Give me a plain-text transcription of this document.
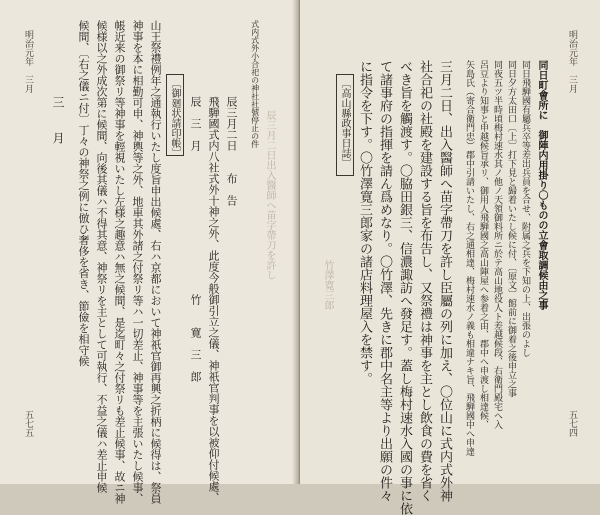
明治元年　三月
五七五
三　月 候間、〔右之儀ニ付〕丁々の神祭之例に倣ひ奢侈を省き、節儉を相守候 候様以之外成次第に候間、向後其儀ハ不得其意、神祭リを主として可執行、不益之儀ハ差止申候 帳近来の御祭リ等神事を輕視いたし左様之趣意ハ無之候間、是迄町々之付祭リも差止候事、故ニ神 神事を本に相勤可申、神輿等之外、地車其外諸之付祭リ等ハ一切差止、神事等を主張いたし候事、 山王祭禮例年之通執行いたし度旨申出候處、右ハ京都において神祇官御再興之折柄に候得は、祭員 〔御廻状請印帳〕 辰　三　月　　　　　　　　　　　　　竹　　寛　三　郎 飛騨國式内八社式外十神之外、此度今般御引立之儀、神祇官判事を以被仰付候處、 辰三月二日　　布　告
式内式外小合祀の神社社號停止の件
辰三月二日出入醫師へ苗字帶刀を許し
竹澤寛三郎
〔高山縣政事日誌〕 に指令を下す。〇竹澤寛三郎家の諸店料理屋入を禁す。 て諸事府の指揮を請ん爲めなり。〇竹澤、先きに郡中名主等より出願の件々 べき旨を觸渡す。〇脇田銀三、信濃諏訪へ發足す。蓋し梅村速水入國の事に依 社合祀の社殿を建設する旨を布告し、又祭禮は神事を主とし飲食の費を省く 三月二日、出入醫師へ苗字帶刀を許し臣屬の列に加え、〇位山に式内式外神 矢島氏（寄合衛門忠）郡中引請いたし、右之通相達、梅村速水ノ義も相違ナキ旨、飛騨國中へ申達 呂豆より知事と申越候旨承リ、御用人飛騨國之高山陣屋へ参着之由、郡中へ申渡し相達候、 同夜五ツ半時頃梅村速水其ノ他ノ天領御料所ニ於テ高山地役人ト差越候段、右衛門殿宅へ入 同日夕方太田口〔上〕打下見と歸着いたし候に付、〔原文〕館前に御着之後申立之事 同日飛騨國有屬兵卒等差出兵員を合せ、附属之兵を下知の上、出張のよし 同日町會所に　御陣内用掛り〇ものの立會取調候由之事 明治元年　三月
五七四
